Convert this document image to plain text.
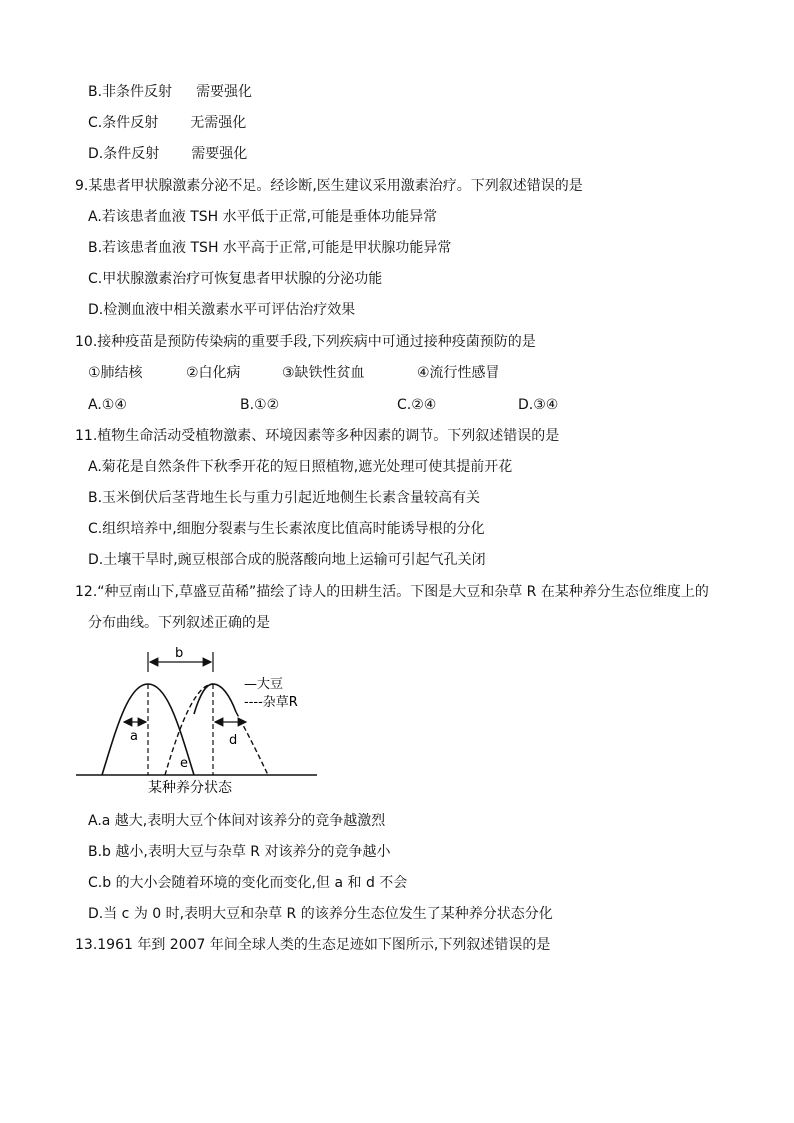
B.非条件反射 需要强化
C.条件反射 无需强化
D.条件反射 需要强化
9.某患者甲状腺激素分泌不足。经诊断,医生建议采用激素治疗。下列叙述错误的是
A.若该患者血液 TSH 水平低于正常,可能是垂体功能异常
B.若该患者血液 TSH 水平高于正常,可能是甲状腺功能异常
C.甲状腺激素治疗可恢复患者甲状腺的分泌功能
D.检测血液中相关激素水平可评估治疗效果
10.接种疫苗是预防传染病的重要手段,下列疾病中可通过接种疫菌预防的是
①肺结核	②白化病	③缺铁性贫血	④流行性感冒
A.①④	B.①②	C.②④	D.③④
11.植物生命活动受植物激素、环境因素等多种因素的调节。下列叙述错误的是
A.菊花是自然条件下秋季开花的短日照植物,遮光处理可使其提前开花
B.玉米倒伏后茎背地生长与重力引起近地侧生长素含量较高有关
C.组织培养中,细胞分裂素与生长素浓度比值高时能诱导根的分化
D.土壤干旱时,豌豆根部合成的脱落酸向地上运输可引起气孔关闭
12.“种豆南山下,草盛豆苗稀”描绘了诗人的田耕生活。下图是大豆和杂草 R 在某种养分生态位维度上的
分布曲线。下列叙述正确的是
b
a	d
e
—大豆
----杂草R
某种养分状态
A.a 越大,表明大豆个体间对该养分的竞争越激烈
B.b 越小,表明大豆与杂草 R 对该养分的竞争越小
C.b 的大小会随着环境的变化而变化,但 a 和 d 不会
D.当 c 为 0 时,表明大豆和杂草 R 的该养分生态位发生了某种养分状态分化
13.1961 年到 2007 年间全球人类的生态足迹如下图所示,下列叙述错误的是
